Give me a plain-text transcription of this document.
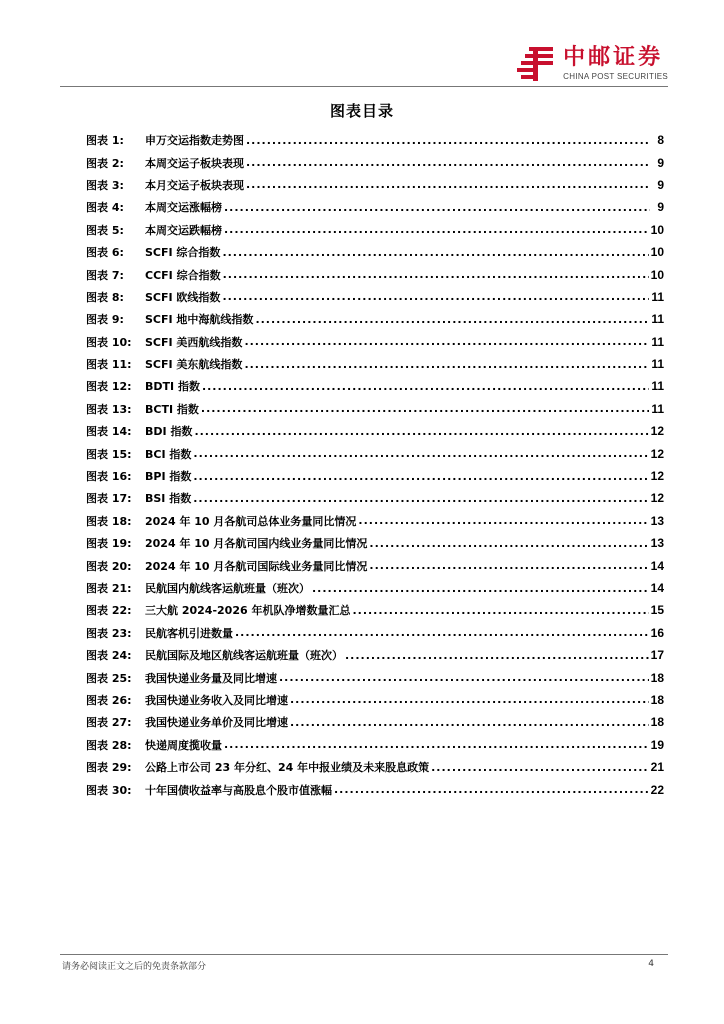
中邮证券
CHINA POST SECURITIES
图表目录
图表 1:	申万交运指数走势图 .....	8
图表 2:	本周交运子板块表现 .....	9
图表 3:	本月交运子板块表现 .....	9
图表 4:	本周交运涨幅榜 .....	9
图表 5:	本周交运跌幅榜 .....	10
图表 6:	SCFI 综合指数 .....	10
图表 7:	CCFI 综合指数 .....	10
图表 8:	SCFI 欧线指数 .....	11
图表 9:	SCFI 地中海航线指数 .....	11
图表 10:	SCFI 美西航线指数 .....	11
图表 11:	SCFI 美东航线指数 .....	11
图表 12:	BDTI 指数 .....	11
图表 13:	BCTI 指数 .....	11
图表 14:	BDI 指数 .....	12
图表 15:	BCI 指数 .....	12
图表 16:	BPI 指数 .....	12
图表 17:	BSI 指数 .....	12
图表 18:	2024 年 10 月各航司总体业务量同比情况 .....	13
图表 19:	2024 年 10 月各航司国内线业务量同比情况 .....	13
图表 20:	2024 年 10 月各航司国际线业务量同比情况 .....	14
图表 21:	民航国内航线客运航班量（班次） .....	14
图表 22:	三大航 2024-2026 年机队净增数量汇总 .....	15
图表 23:	民航客机引进数量 .....	16
图表 24:	民航国际及地区航线客运航班量（班次） .....	17
图表 25:	我国快递业务量及同比增速 .....	18
图表 26:	我国快递业务收入及同比增速 .....	18
图表 27:	我国快递业务单价及同比增速 .....	18
图表 28:	快递周度揽收量 .....	19
图表 29:	公路上市公司 23 年分红、24 年中报业绩及未来股息政策 .....	21
图表 30:	十年国债收益率与高股息个股市值涨幅 .....	22
请务必阅读正文之后的免责条款部分	4
